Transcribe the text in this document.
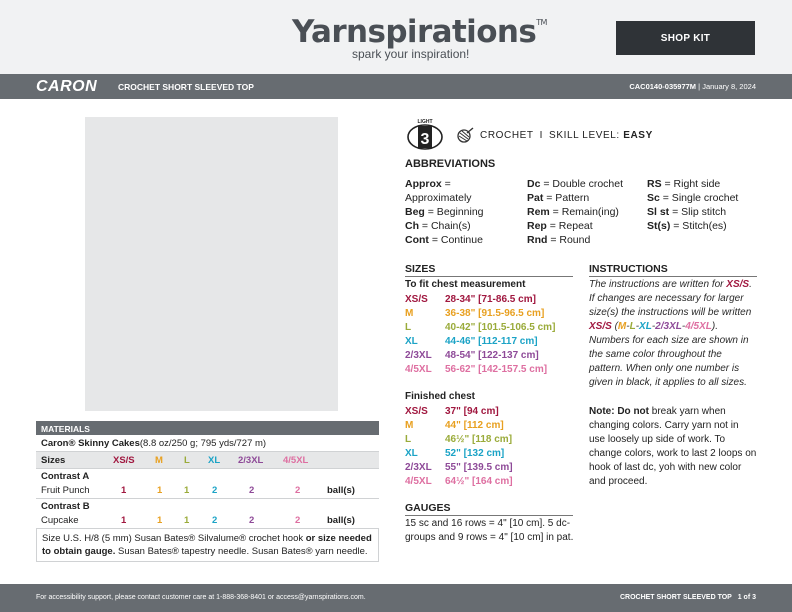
Yarnspirations™
spark your inspiration!
SHOP KIT
CARON CROCHET SHORT SLEEVED TOP	CAC0140-035977M | January 8, 2024
MATERIALS
Caron® Skinny Cakes (8.8 oz/250 g; 795 yds/727 m)
Sizes	XS/S M L XL 2/3XL 4/5XL
Contrast A
Fruit Punch	1	1 1 2	2	2	ball(s)
Contrast B
Cupcake	1	1 1 2	2	2	ball(s)
Size U.S. H/8 (5 mm) Susan Bates® Silvalume® crochet hook or size needed to obtain gauge. Susan Bates® tapestry needle. Susan Bates® yarn needle.
LIGHT
3	CROCHET I SKILL LEVEL: EASY
ABBREVIATIONS
Approx = Approximately
Beg = Beginning
Ch = Chain(s)
Cont = Continue
Dc = Double crochet
Pat = Pattern
Rem = Remain(ing)
Rep = Repeat
Rnd = Round
RS = Right side
Sc = Single crochet
Sl st = Slip stitch
St(s) = Stitch(es)
SIZES
To fit chest measurement
XS/S	28-34" [71-86.5 cm]
M	36-38" [91.5-96.5 cm]
L	40-42" [101.5-106.5 cm]
XL	44-46" [112-117 cm]
2/3XL	48-54" [122-137 cm]
4/5XL	56-62" [142-157.5 cm]
Finished chest
XS/S	37" [94 cm]
M	44" [112 cm]
L	46½" [118 cm]
XL	52" [132 cm]
2/3XL	55" [139.5 cm]
4/5XL	64½" [164 cm]
GAUGES
15 sc and 16 rows = 4" [10 cm]. 5 dc-groups and 9 rows = 4" [10 cm] in pat.
INSTRUCTIONS
The instructions are written for XS/S. If changes are necessary for larger size(s) the instructions will be written XS/S (M-L-XL-2/3XL-4/5XL). Numbers for each size are shown in the same color throughout the pattern. When only one number is given in black, it applies to all sizes.
Note: Do not break yarn when changing colors. Carry yarn not in use loosely up side of work. To change colors, work to last 2 loops on hook of last dc, yoh with new color and proceed.
For accessibility support, please contact customer care at 1-888-368-8401 or access@yarnspirations.com.	CROCHET SHORT SLEEVED TOP 1 of 3
